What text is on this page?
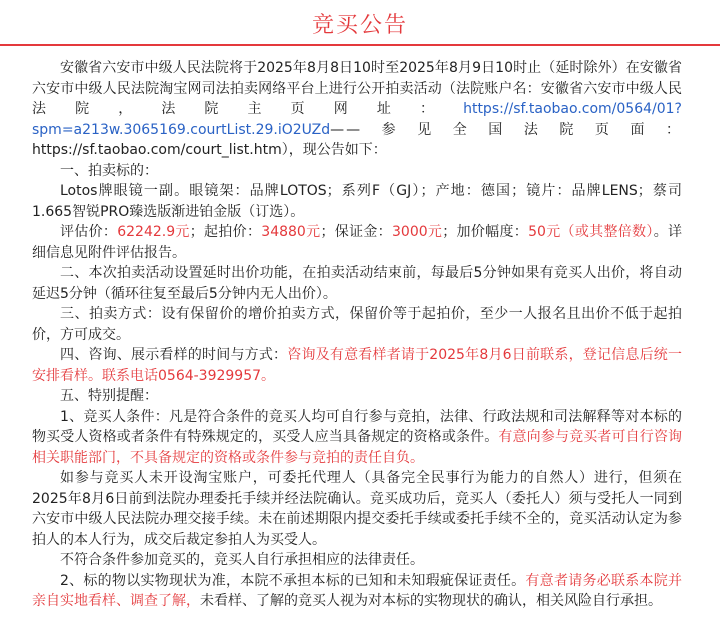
竞买公告

安徽省六安市中级人民法院将于2025年8月8日10时至2025年8月9日10时止（延时除外）在安徽省六安市中级人民法院淘宝网司法拍卖网络平台上进行公开拍卖活动（法院账户名：安徽省六安市中级人民法院，法院主页网址：https://sf.taobao.com/0564/01?spm=a213w.3065169.courtList.29.iO2UZd——参见全国法院页面：https://sf.taobao.com/court_list.htm），现公告如下：

一、拍卖标的：

Lotos牌眼镜一副。眼镜架：品牌LOTOS；系列F（GJ）；产地：德国；镜片：品牌LENS；蔡司1.665智锐PRO臻选版渐进铂金版（订选）。

评估价：62242.9元；起拍价：34880元；保证金：3000元；加价幅度：50元（或其整倍数）。详细信息见附件评估报告。

二、本次拍卖活动设置延时出价功能，在拍卖活动结束前，每最后5分钟如果有竞买人出价，将自动延迟5分钟（循环往复至最后5分钟内无人出价）。

三、拍卖方式：设有保留价的增价拍卖方式，保留价等于起拍价，至少一人报名且出价不低于起拍价，方可成交。

四、咨询、展示看样的时间与方式：咨询及有意看样者请于2025年8月6日前联系，登记信息后统一安排看样。联系电话0564-3929957。

五、特别提醒：

1、竞买人条件：凡是符合条件的竞买人均可自行参与竞拍，法律、行政法规和司法解释等对本标的物买受人资格或者条件有特殊规定的，买受人应当具备规定的资格或条件。有意向参与竞买者可自行咨询相关职能部门，不具备规定的资格或条件参与竞拍的责任自负。

如参与竞买人未开设淘宝账户，可委托代理人（具备完全民事行为能力的自然人）进行，但须在2025年8月6日前到法院办理委托手续并经法院确认。竞买成功后，竞买人（委托人）须与受托人一同到六安市中级人民法院办理交接手续。未在前述期限内提交委托手续或委托手续不全的，竞买活动认定为参拍人的本人行为，成交后裁定参拍人为买受人。

不符合条件参加竞买的，竞买人自行承担相应的法律责任。

2、标的物以实物现状为准，本院不承担本标的已知和未知瑕疵保证责任。有意者请务必联系本院并亲自实地看样、调查了解，未看样、了解的竞买人视为对本标的实物现状的确认，相关风险自行承担。
